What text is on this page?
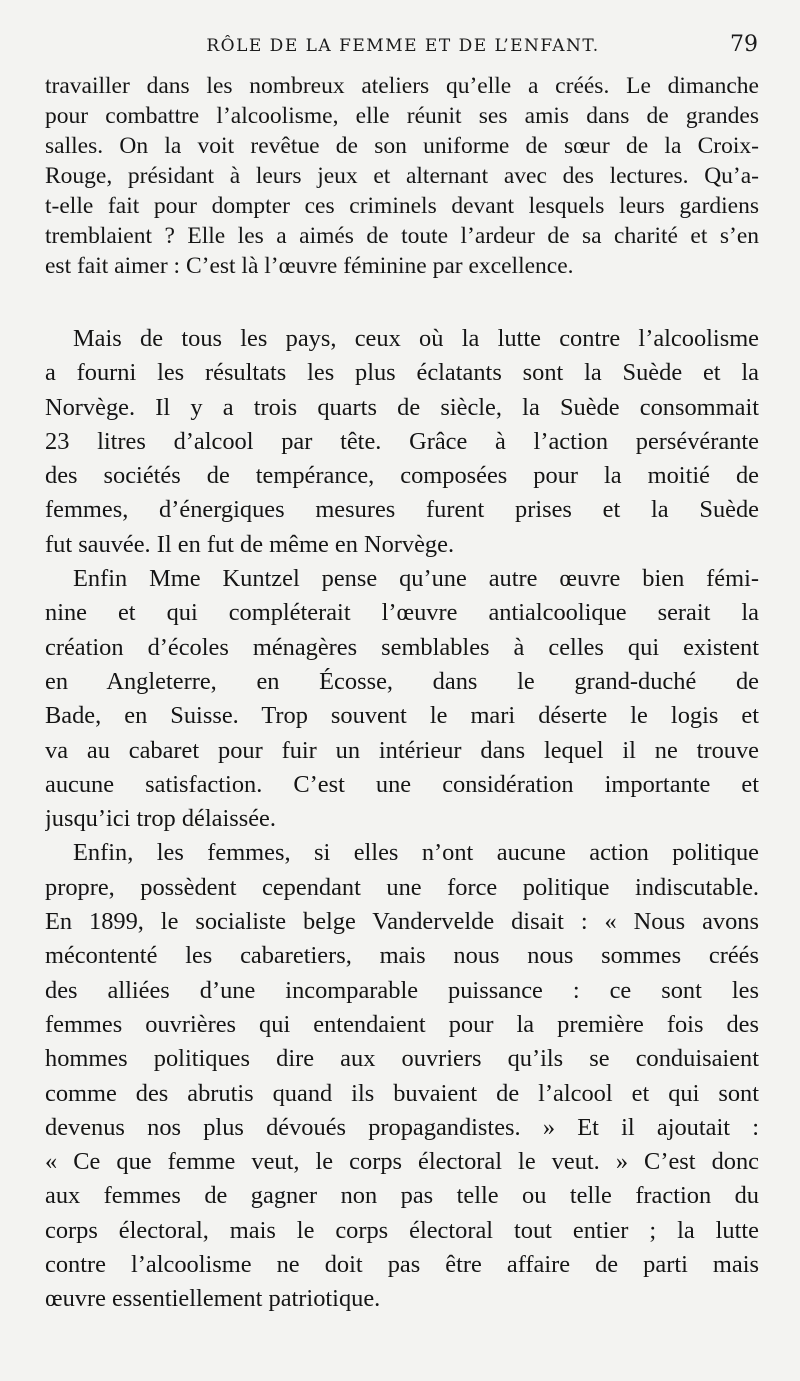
RÔLE DE LA FEMME ET DE L’ENFANT.	79
travailler dans les nombreux ateliers qu’elle a créés. Le dimanche
pour combattre l’alcoolisme, elle réunit ses amis dans de grandes
salles. On la voit revêtue de son uniforme de sœur de la Croix-
Rouge, présidant à leurs jeux et alternant avec des lectures. Qu’a-
t-elle fait pour dompter ces criminels devant lesquels leurs gardiens
tremblaient ? Elle les a aimés de toute l’ardeur de sa charité et s’en
est fait aimer : C’est là l’œuvre féminine par excellence.
Mais de tous les pays, ceux où la lutte contre l’alcoolisme
a fourni les résultats les plus éclatants sont la Suède et la
Norvège. Il y a trois quarts de siècle, la Suède consommait
23 litres d’alcool par tête. Grâce à l’action persévérante
des sociétés de tempérance, composées pour la moitié de
femmes, d’énergiques mesures furent prises et la Suède
fut sauvée. Il en fut de même en Norvège.
Enfin Mme Kuntzel pense qu’une autre œuvre bien fémi-
nine et qui compléterait l’œuvre antialcoolique serait la
création d’écoles ménagères semblables à celles qui existent
en Angleterre, en Écosse, dans le grand-duché de
Bade, en Suisse. Trop souvent le mari déserte le logis et
va au cabaret pour fuir un intérieur dans lequel il ne trouve
aucune satisfaction. C’est une considération importante et
jusqu’ici trop délaissée.
Enfin, les femmes, si elles n’ont aucune action politique
propre, possèdent cependant une force politique indiscutable.
En 1899, le socialiste belge Vandervelde disait : « Nous avons
mécontenté les cabaretiers, mais nous nous sommes créés
des alliées d’une incomparable puissance : ce sont les
femmes ouvrières qui entendaient pour la première fois des
hommes politiques dire aux ouvriers qu’ils se conduisaient
comme des abrutis quand ils buvaient de l’alcool et qui sont
devenus nos plus dévoués propagandistes. » Et il ajoutait :
« Ce que femme veut, le corps électoral le veut. » C’est donc
aux femmes de gagner non pas telle ou telle fraction du
corps électoral, mais le corps électoral tout entier ; la lutte
contre l’alcoolisme ne doit pas être affaire de parti mais
œuvre essentiellement patriotique.
